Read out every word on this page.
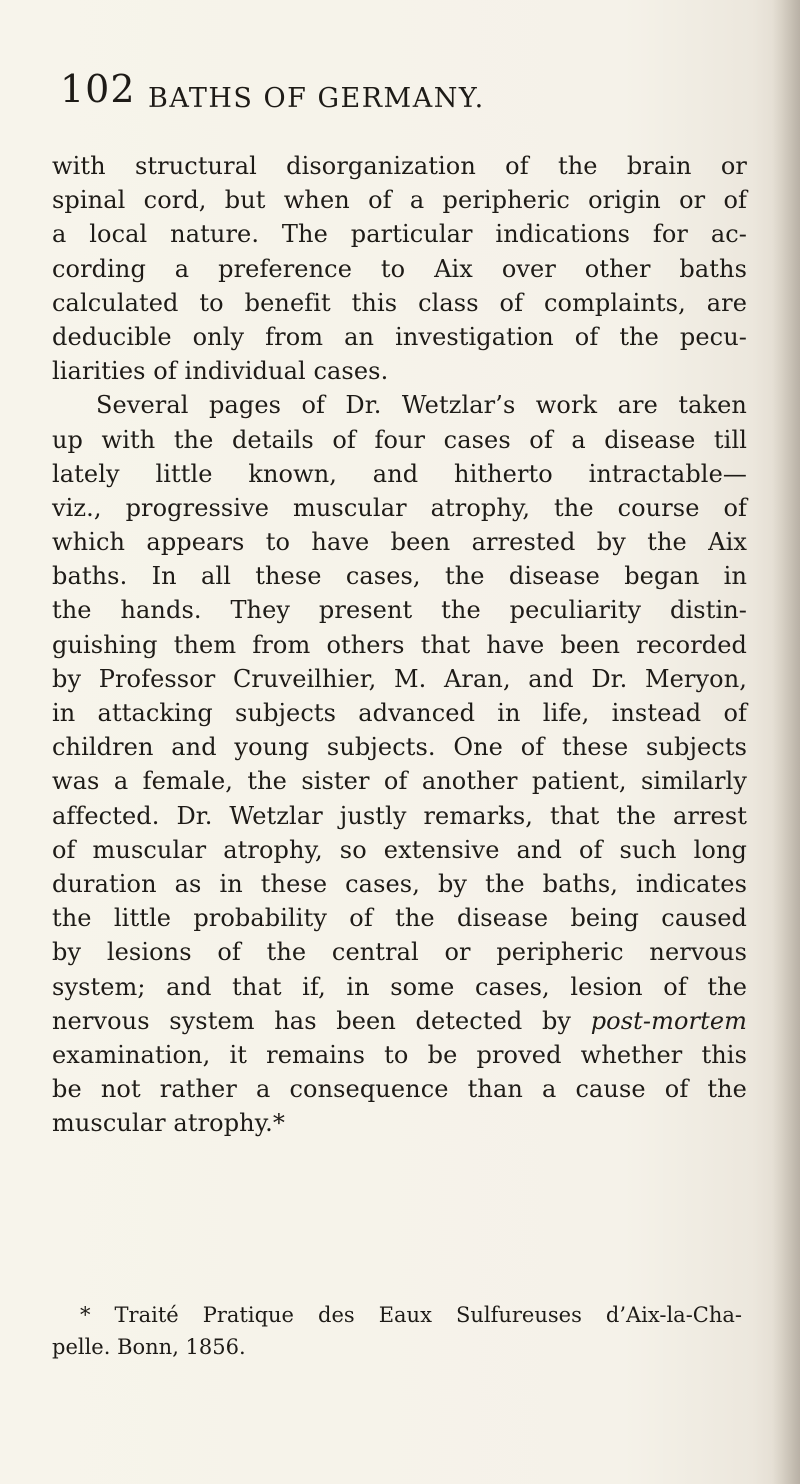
102 BATHS OF GERMANY.
with structural disorganization of the brain or
spinal cord, but when of a peripheric origin or of
a local nature. The particular indications for ac-
cording a preference to Aix over other baths
calculated to benefit this class of complaints, are
deducible only from an investigation of the pecu-
liarities of individual cases.
Several pages of Dr. Wetzlar’s work are taken
up with the details of four cases of a disease till
lately little known, and hitherto intractable—
viz., progressive muscular atrophy, the course of
which appears to have been arrested by the Aix
baths. In all these cases, the disease began in
the hands. They present the peculiarity distin-
guishing them from others that have been recorded
by Professor Cruveilhier, M. Aran, and Dr. Meryon,
in attacking subjects advanced in life, instead of
children and young subjects. One of these subjects
was a female, the sister of another patient, similarly
affected. Dr. Wetzlar justly remarks, that the arrest
of muscular atrophy, so extensive and of such long
duration as in these cases, by the baths, indicates
the little probability of the disease being caused
by lesions of the central or peripheric nervous
system; and that if, in some cases, lesion of the
nervous system has been detected by post-mortem
examination, it remains to be proved whether this
be not rather a consequence than a cause of the
muscular atrophy.*
* Traité Pratique des Eaux Sulfureuses d’Aix-la-Cha-
pelle. Bonn, 1856.
